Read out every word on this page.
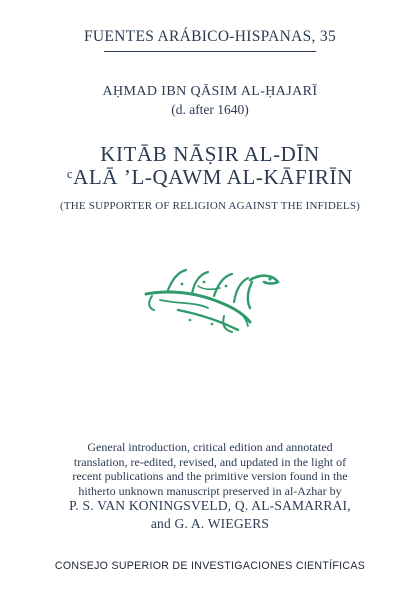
FUENTES ARÁBICO-HISPANAS, 35
AḤMAD IBN QĀSIM AL-ḤAJARĪ
(d. after 1640)
KITĀB NĀṢIR AL-DĪN
ᶜALĀ ’L-QAWM AL-KĀFIRĪN
(THE SUPPORTER OF RELIGION AGAINST THE INFIDELS)
General introduction, critical edition and annotated translation, re-edited, revised, and updated in the light of recent publications and the primitive version found in the hitherto unknown manuscript preserved in al-Azhar by
P. S. VAN KONINGSVELD, Q. AL-SAMARRAI,
and G. A. WIEGERS
CONSEJO SUPERIOR DE INVESTIGACIONES CIENTÍFICAS
